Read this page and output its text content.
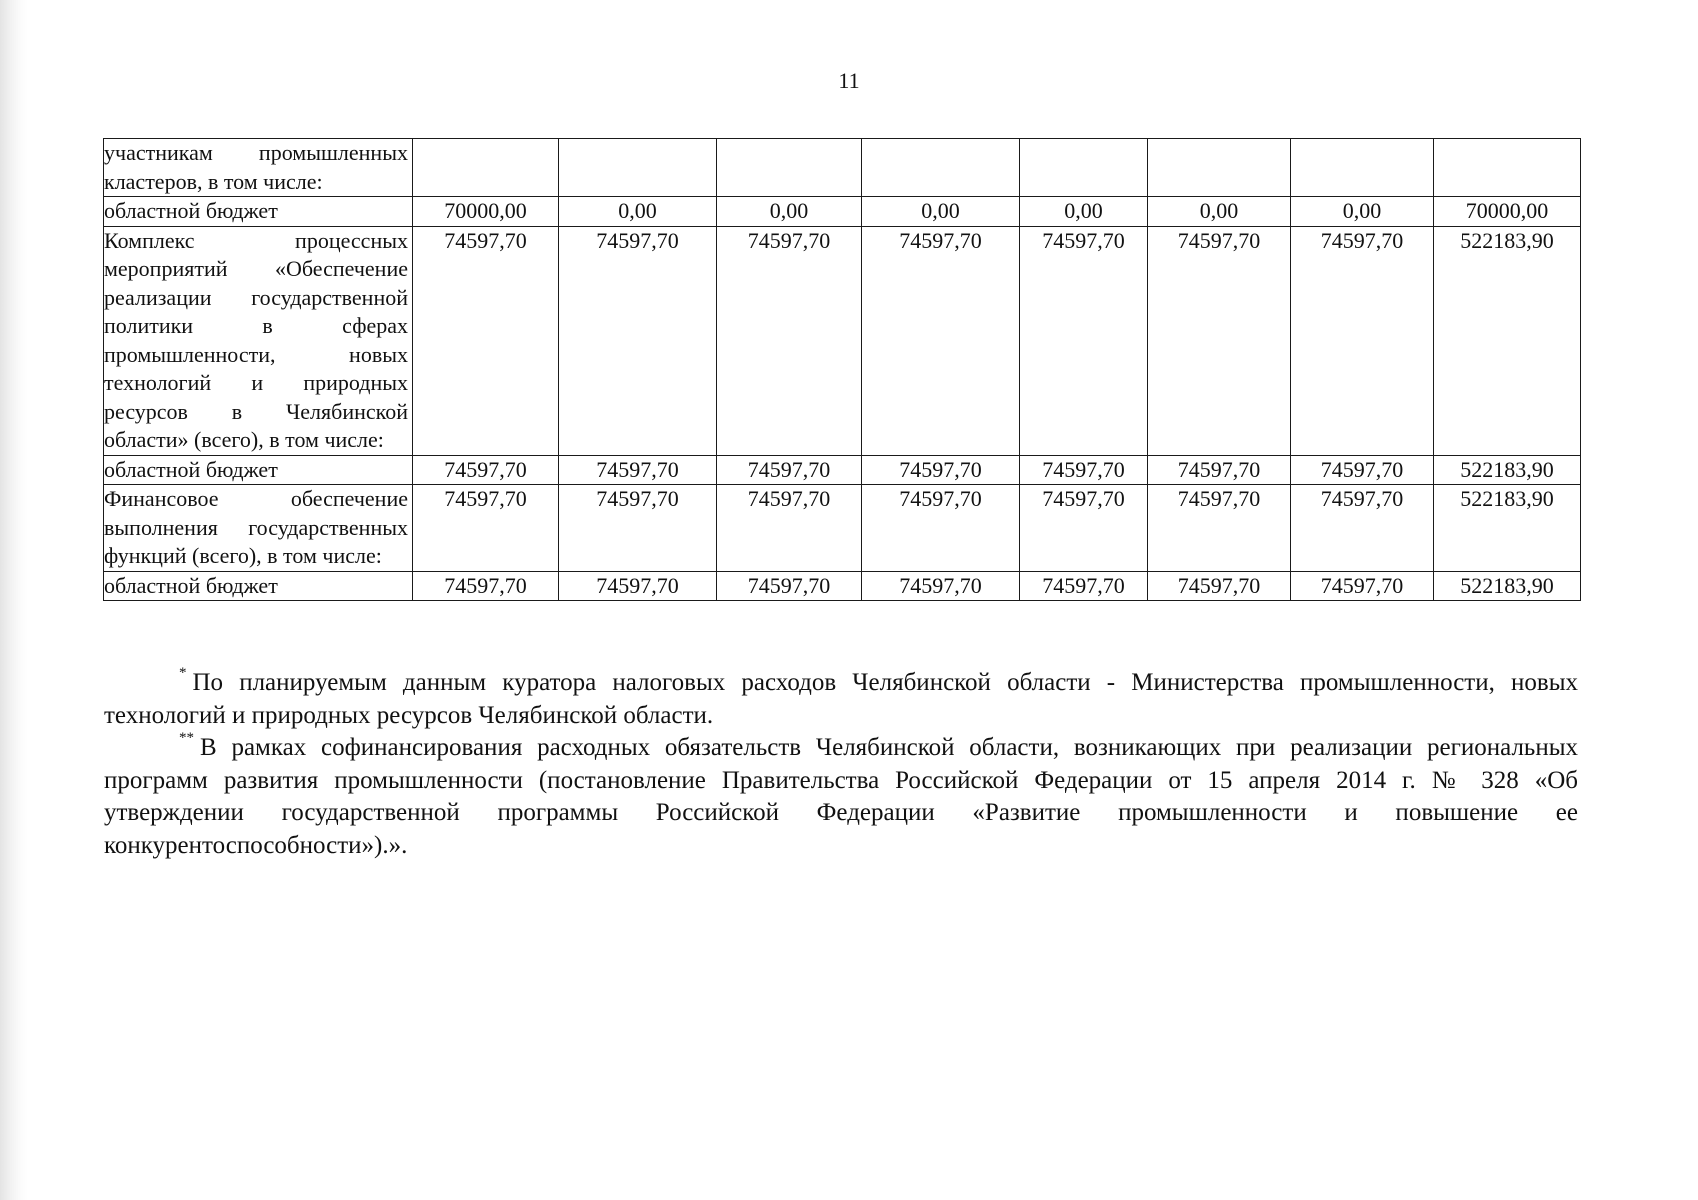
11
участникам промышленных кластеров, в том числе:								
областной бюджет	70000,00	0,00	0,00	0,00	0,00	0,00	0,00	70000,00
Комплекс процессных мероприятий «Обеспечение реализации государственной политики в сферах промышленности, новых технологий и природных ресурсов в Челябинской области» (всего), в том числе:	74597,70	74597,70	74597,70	74597,70	74597,70	74597,70	74597,70	522183,90
областной бюджет	74597,70	74597,70	74597,70	74597,70	74597,70	74597,70	74597,70	522183,90
Финансовое обеспечение выполнения государственных функций (всего), в том числе:	74597,70	74597,70	74597,70	74597,70	74597,70	74597,70	74597,70	522183,90
областной бюджет	74597,70	74597,70	74597,70	74597,70	74597,70	74597,70	74597,70	522183,90

* По планируемым данным куратора налоговых расходов Челябинской области - Министерства промышленности, новых технологий и природных ресурсов Челябинской области.

** В рамках софинансирования расходных обязательств Челябинской области, возникающих при реализации региональных программ развития промышленности (постановление Правительства Российской Федерации от 15 апреля 2014 г. № 328 «Об утверждении государственной программы Российской Федерации «Развитие промышленности и повышение ее конкурентоспособности»).».
